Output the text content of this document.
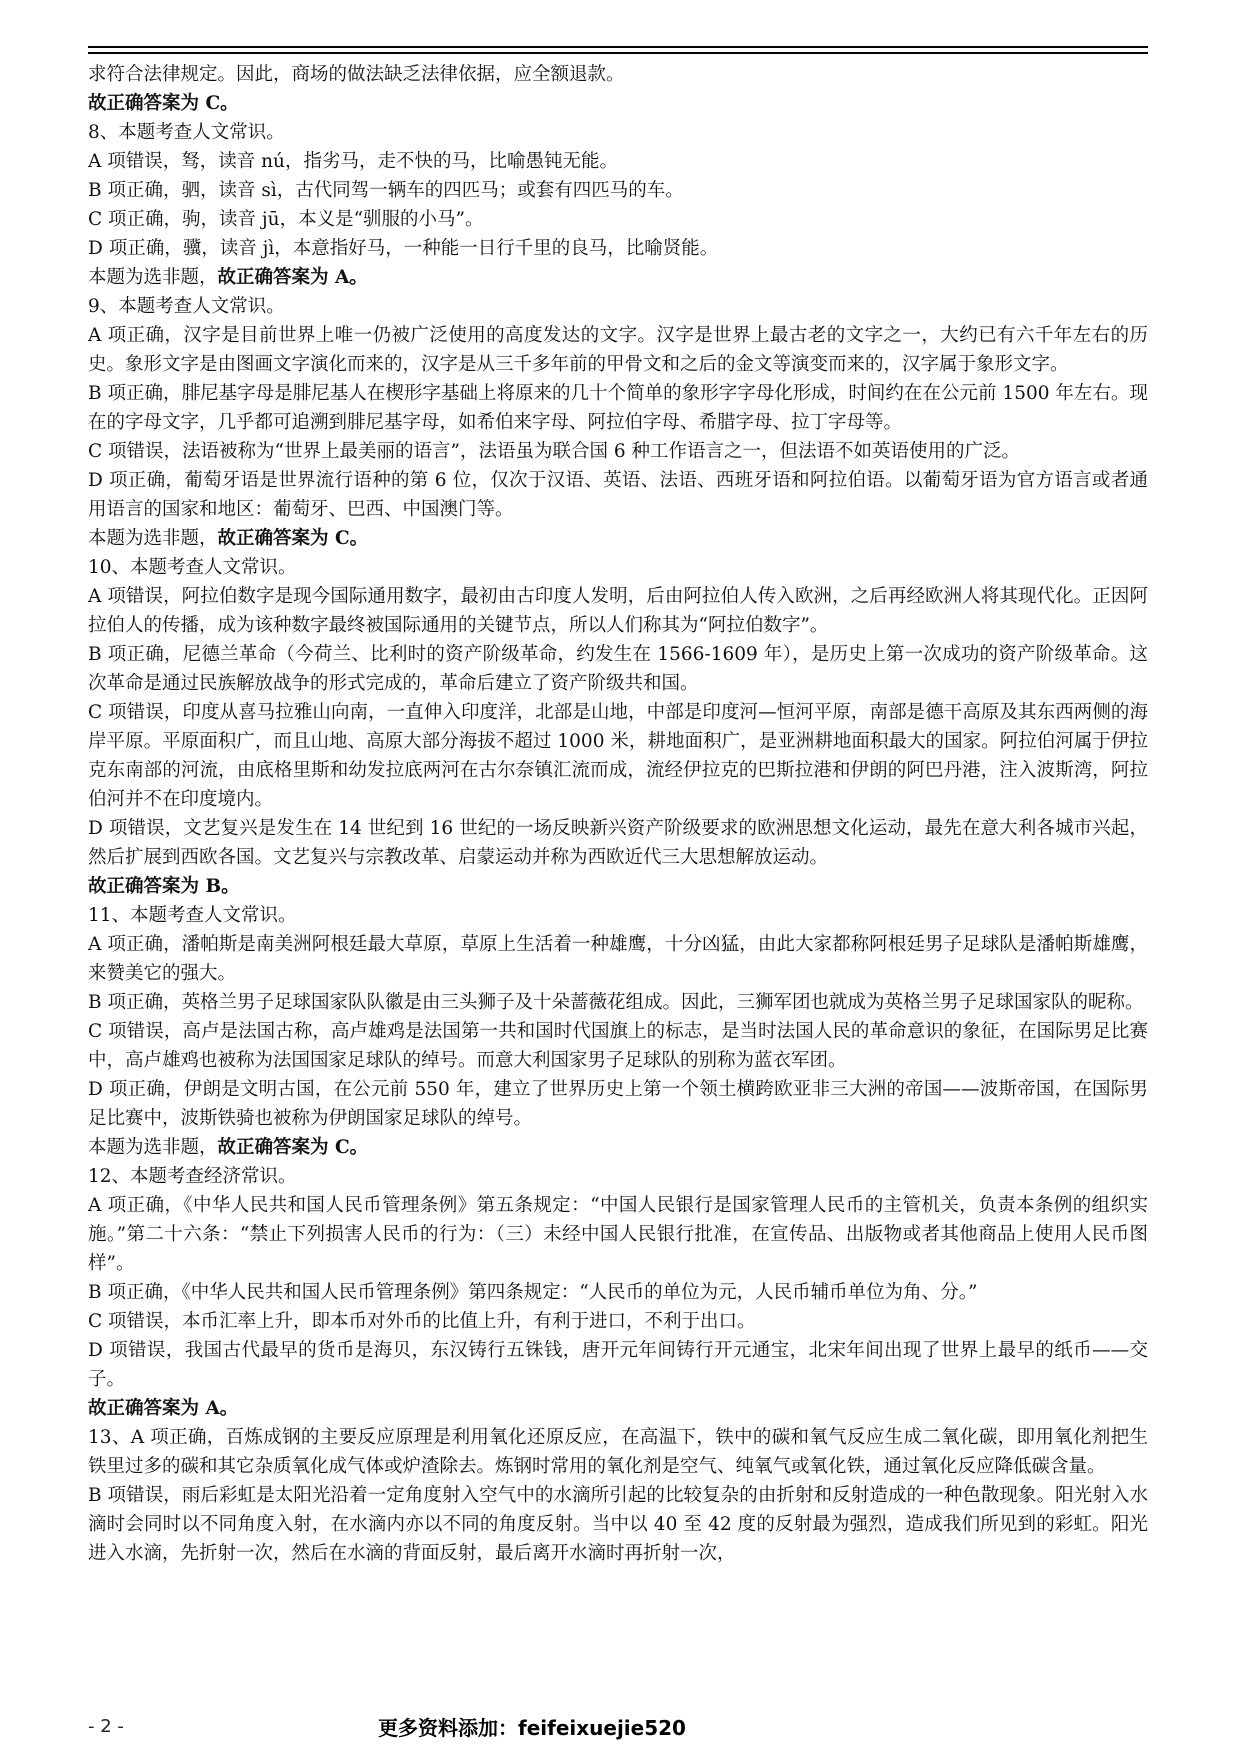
求符合法律规定。因此，商场的做法缺乏法律依据，应全额退款。

故正确答案为 C。

8、本题考查人文常识。

A 项错误，驽，读音 nú，指劣马，走不快的马，比喻愚钝无能。

B 项正确，驷，读音 sì，古代同驾一辆车的四匹马；或套有四匹马的车。

C 项正确，驹，读音 jū，本义是“驯服的小马”。

D 项正确，骥，读音 jì，本意指好马，一种能一日行千里的良马，比喻贤能。

本题为选非题，故正确答案为 A。

9、本题考查人文常识。

A 项正确，汉字是目前世界上唯一仍被广泛使用的高度发达的文字。汉字是世界上最古老的文字之一，大约已有六千年左右的历史。象形文字是由图画文字演化而来的，汉字是从三千多年前的甲骨文和之后的金文等演变而来的，汉字属于象形文字。

B 项正确，腓尼基字母是腓尼基人在楔形字基础上将原来的几十个简单的象形字字母化形成，时间约在在公元前 1500 年左右。现在的字母文字，几乎都可追溯到腓尼基字母，如希伯来字母、阿拉伯字母、希腊字母、拉丁字母等。

C 项错误，法语被称为“世界上最美丽的语言”，法语虽为联合国 6 种工作语言之一，但法语不如英语使用的广泛。

D 项正确，葡萄牙语是世界流行语种的第 6 位，仅次于汉语、英语、法语、西班牙语和阿拉伯语。以葡萄牙语为官方语言或者通用语言的国家和地区：葡萄牙、巴西、中国澳门等。

本题为选非题，故正确答案为 C。

10、本题考查人文常识。

A 项错误，阿拉伯数字是现今国际通用数字，最初由古印度人发明，后由阿拉伯人传入欧洲，之后再经欧洲人将其现代化。正因阿拉伯人的传播，成为该种数字最终被国际通用的关键节点，所以人们称其为“阿拉伯数字”。

B 项正确，尼德兰革命（今荷兰、比利时的资产阶级革命，约发生在 1566-1609 年），是历史上第一次成功的资产阶级革命。这次革命是通过民族解放战争的形式完成的，革命后建立了资产阶级共和国。

C 项错误，印度从喜马拉雅山向南，一直伸入印度洋，北部是山地，中部是印度河—恒河平原，南部是德干高原及其东西两侧的海岸平原。平原面积广，而且山地、高原大部分海拔不超过 1000 米，耕地面积广，是亚洲耕地面积最大的国家。阿拉伯河属于伊拉克东南部的河流，由底格里斯和幼发拉底两河在古尔奈镇汇流而成，流经伊拉克的巴斯拉港和伊朗的阿巴丹港，注入波斯湾，阿拉伯河并不在印度境内。

D 项错误，文艺复兴是发生在 14 世纪到 16 世纪的一场反映新兴资产阶级要求的欧洲思想文化运动，最先在意大利各城市兴起，然后扩展到西欧各国。文艺复兴与宗教改革、启蒙运动并称为西欧近代三大思想解放运动。

故正确答案为 B。

11、本题考查人文常识。

A 项正确，潘帕斯是南美洲阿根廷最大草原，草原上生活着一种雄鹰，十分凶猛，由此大家都称阿根廷男子足球队是潘帕斯雄鹰，来赞美它的强大。

B 项正确，英格兰男子足球国家队队徽是由三头狮子及十朵蔷薇花组成。因此，三狮军团也就成为英格兰男子足球国家队的昵称。

C 项错误，高卢是法国古称，高卢雄鸡是法国第一共和国时代国旗上的标志，是当时法国人民的革命意识的象征，在国际男足比赛中，高卢雄鸡也被称为法国国家足球队的绰号。而意大利国家男子足球队的别称为蓝衣军团。

D 项正确，伊朗是文明古国，在公元前 550 年，建立了世界历史上第一个领土横跨欧亚非三大洲的帝国——波斯帝国，在国际男足比赛中，波斯铁骑也被称为伊朗国家足球队的绰号。

本题为选非题，故正确答案为 C。

12、本题考查经济常识。

A 项正确，《中华人民共和国人民币管理条例》第五条规定：“中国人民银行是国家管理人民币的主管机关，负责本条例的组织实施。”第二十六条：“禁止下列损害人民币的行为：（三）未经中国人民银行批准，在宣传品、出版物或者其他商品上使用人民币图样”。

B 项正确，《中华人民共和国人民币管理条例》第四条规定：“人民币的单位为元，人民币辅币单位为角、分。”

C 项错误，本币汇率上升，即本币对外币的比值上升，有利于进口，不利于出口。

D 项错误，我国古代最早的货币是海贝，东汉铸行五铢钱，唐开元年间铸行开元通宝，北宋年间出现了世界上最早的纸币——交子。

故正确答案为 A。

13、A 项正确，百炼成钢的主要反应原理是利用氧化还原反应，在高温下，铁中的碳和氧气反应生成二氧化碳，即用氧化剂把生铁里过多的碳和其它杂质氧化成气体或炉渣除去。炼钢时常用的氧化剂是空气、纯氧气或氧化铁，通过氧化反应降低碳含量。

B 项错误，雨后彩虹是太阳光沿着一定角度射入空气中的水滴所引起的比较复杂的由折射和反射造成的一种色散现象。阳光射入水滴时会同时以不同角度入射，在水滴内亦以不同的角度反射。当中以 40 至 42 度的反射最为强烈，造成我们所见到的彩虹。阳光进入水滴，先折射一次，然后在水滴的背面反射，最后离开水滴时再折射一次，

- 2 -	更多资料添加：feifeixuejie520
